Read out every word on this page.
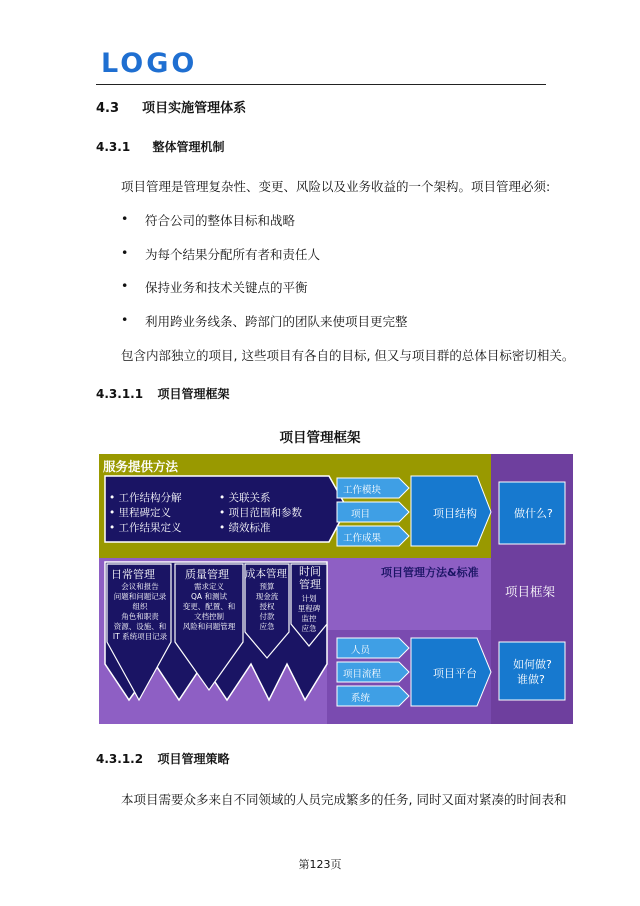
LOGO
4.3 项目实施管理体系
4.3.1 整体管理机制
项目管理是管理复杂性、变更、风险以及业务收益的一个架构。项目管理必须:
• 符合公司的整体目标和战略
• 为每个结果分配所有者和责任人
• 保持业务和技术关键点的平衡
• 利用跨业务线条、跨部门的团队来使项目更完整
包含内部独立的项目, 这些项目有各自的目标, 但又与项目群的总体目标密切相关。
4.3.1.1 项目管理框架
项目管理框架
服务提供方法
• 工作结构分解
• 里程碑定义
• 工作结果定义
• 关联关系
• 项目范围和参数
• 绩效标准
工作模块
项目
工作成果
项目结构	做什么?
项目管理方法&标准
项目框架
日常管理
会议和报告
问题和问题记录
组织
角色和职责
资源、设施、和
IT 系统项目记录
质量管理
需求定义
QA 和测试
变更、配置、和
文档控制
风险和问题管理
成本管理
预算
现金流
授权
付款
应急
时间管理
计划
里程碑
监控
应急
人员
项目流程
系统
项目平台
如何做?
谁做?
4.3.1.2 项目管理策略
本项目需要众多来自不同领域的人员完成繁多的任务, 同时又面对紧凑的时间表和
第123页
